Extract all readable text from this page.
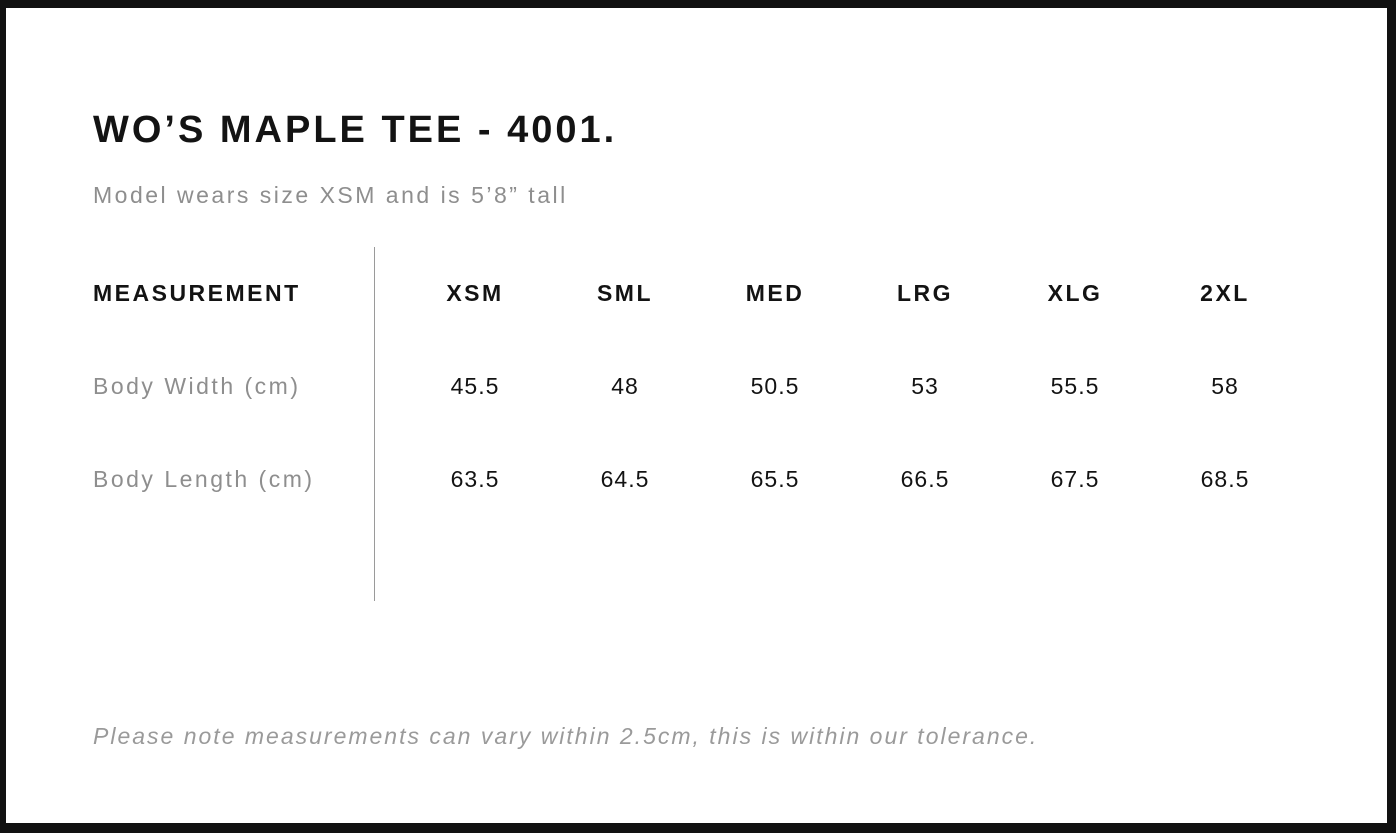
WO’S MAPLE TEE - 4001.

Model wears size XSM and is 5’8” tall

MEASUREMENT	XSM	SML	MED	LRG	XLG	2XL
Body Width (cm)	45.5	48	50.5	53	55.5	58
Body Length (cm)	63.5	64.5	65.5	66.5	67.5	68.5

Please note measurements can vary within 2.5cm, this is within our tolerance.
